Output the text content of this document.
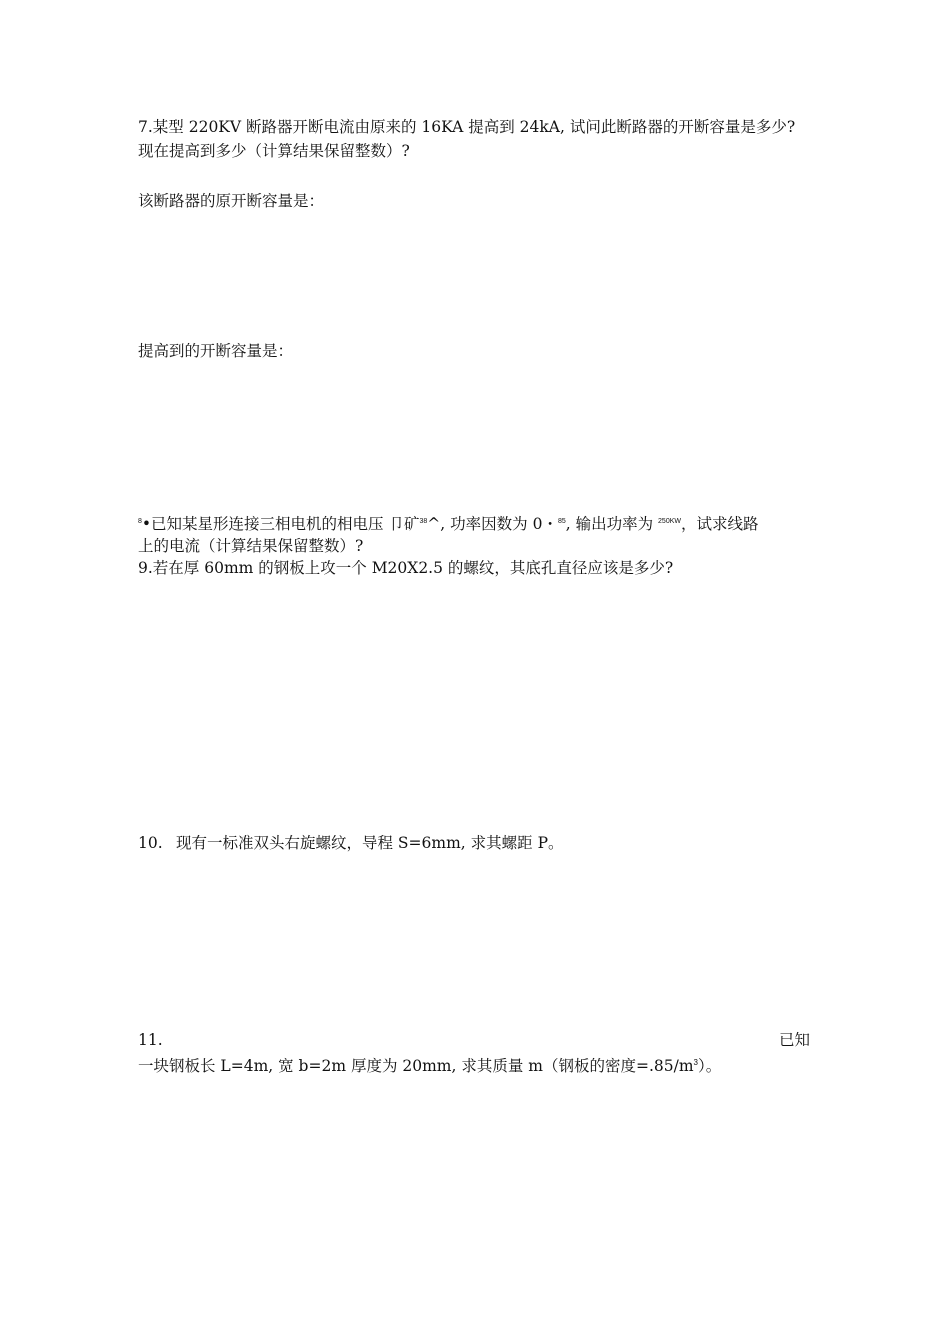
7.某型 220KV 断路器开断电流由原来的 16KA 提高到 24kA, 试问此断路器的开断容量是多少?
现在提高到多少（计算结果保留整数）?
该断路器的原开断容量是：
提高到的开断容量是：
$^8$•已知某星形连接三相电机的相电压 卩矿$^{38}$^, 功率因数为 0・$^{85}$, 输出功率为 $^{250KW}$，试求线路
上的电流（计算结果保留整数）?
9.若在厚 60mm 的钢板上攻一个 M20X2.5 的螺纹，其底孔直径应该是多少?
10. 现有一标准双头右旋螺纹，导程 S=6mm, 求其螺距 P。
11.	已知
一块钢板长 L=4m, 宽 b=2m 厚度为 20mm, 求其质量 m（钢板的密度$=.85/m^3$）。
